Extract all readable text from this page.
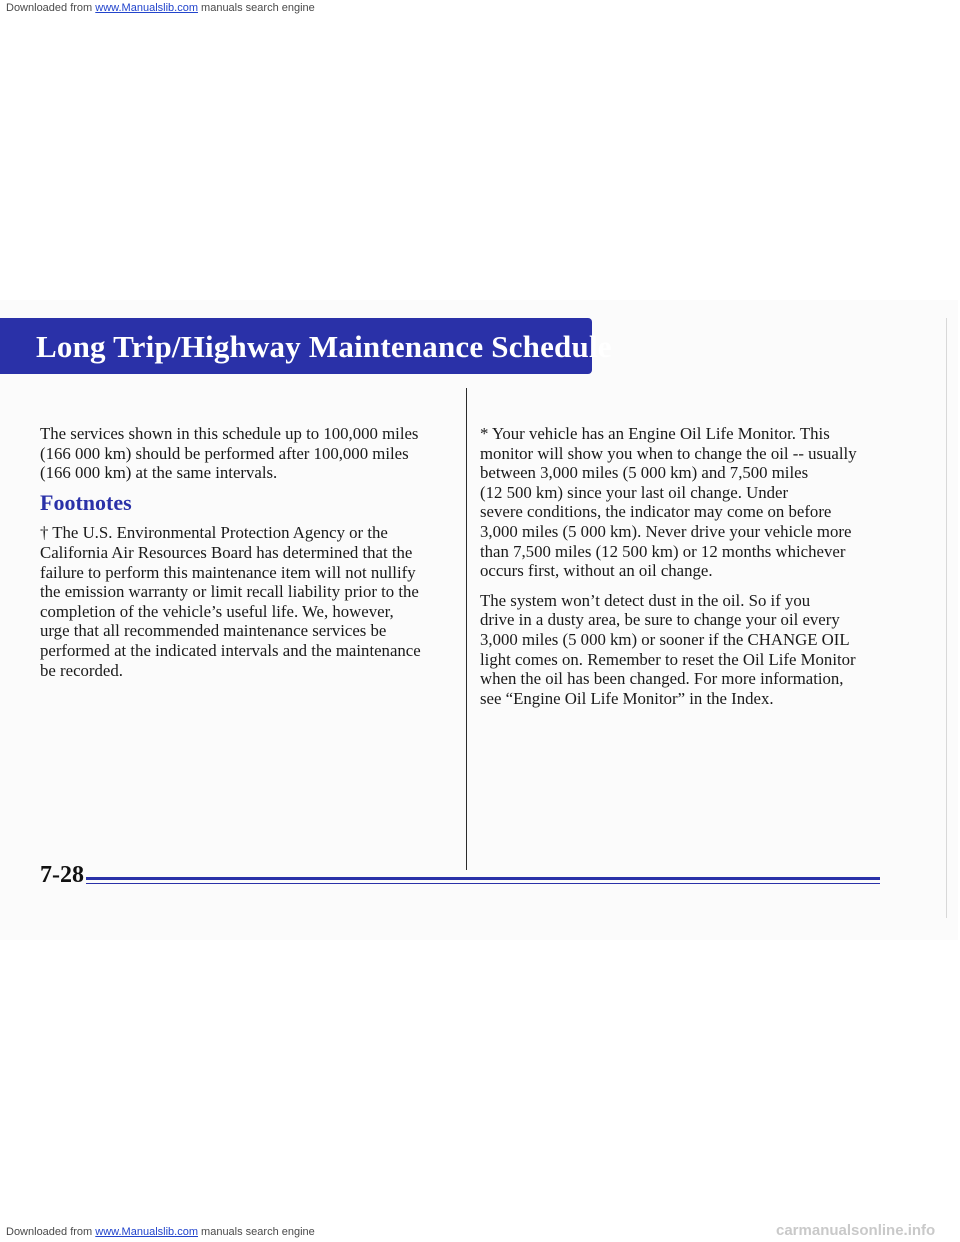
Downloaded from www.Manualslib.com manuals search engine
Long Trip/Highway Maintenance Schedule

The services shown in this schedule up to 100,000 miles
(166 000 km) should be performed after 100,000 miles
(166 000 km) at the same intervals.

Footnotes

† The U.S. Environmental Protection Agency or the
California Air Resources Board has determined that the
failure to perform this maintenance item will not nullify
the emission warranty or limit recall liability prior to the
completion of the vehicle’s useful life. We, however,
urge that all recommended maintenance services be
performed at the indicated intervals and the maintenance
be recorded.

* Your vehicle has an Engine Oil Life Monitor. This
monitor will show you when to change the oil -- usually
between 3,000 miles (5 000 km) and 7,500 miles
(12 500 km) since your last oil change. Under
severe conditions, the indicator may come on before
3,000 miles (5 000 km). Never drive your vehicle more
than 7,500 miles (12 500 km) or 12 months whichever
occurs first, without an oil change.

The system won’t detect dust in the oil. So if you
drive in a dusty area, be sure to change your oil every
3,000 miles (5 000 km) or sooner if the CHANGE OIL
light comes on. Remember to reset the Oil Life Monitor
when the oil has been changed. For more information,
see “Engine Oil Life Monitor” in the Index.

7-28
Downloaded from www.Manualslib.com manuals search engine	carmanualsonline.info
